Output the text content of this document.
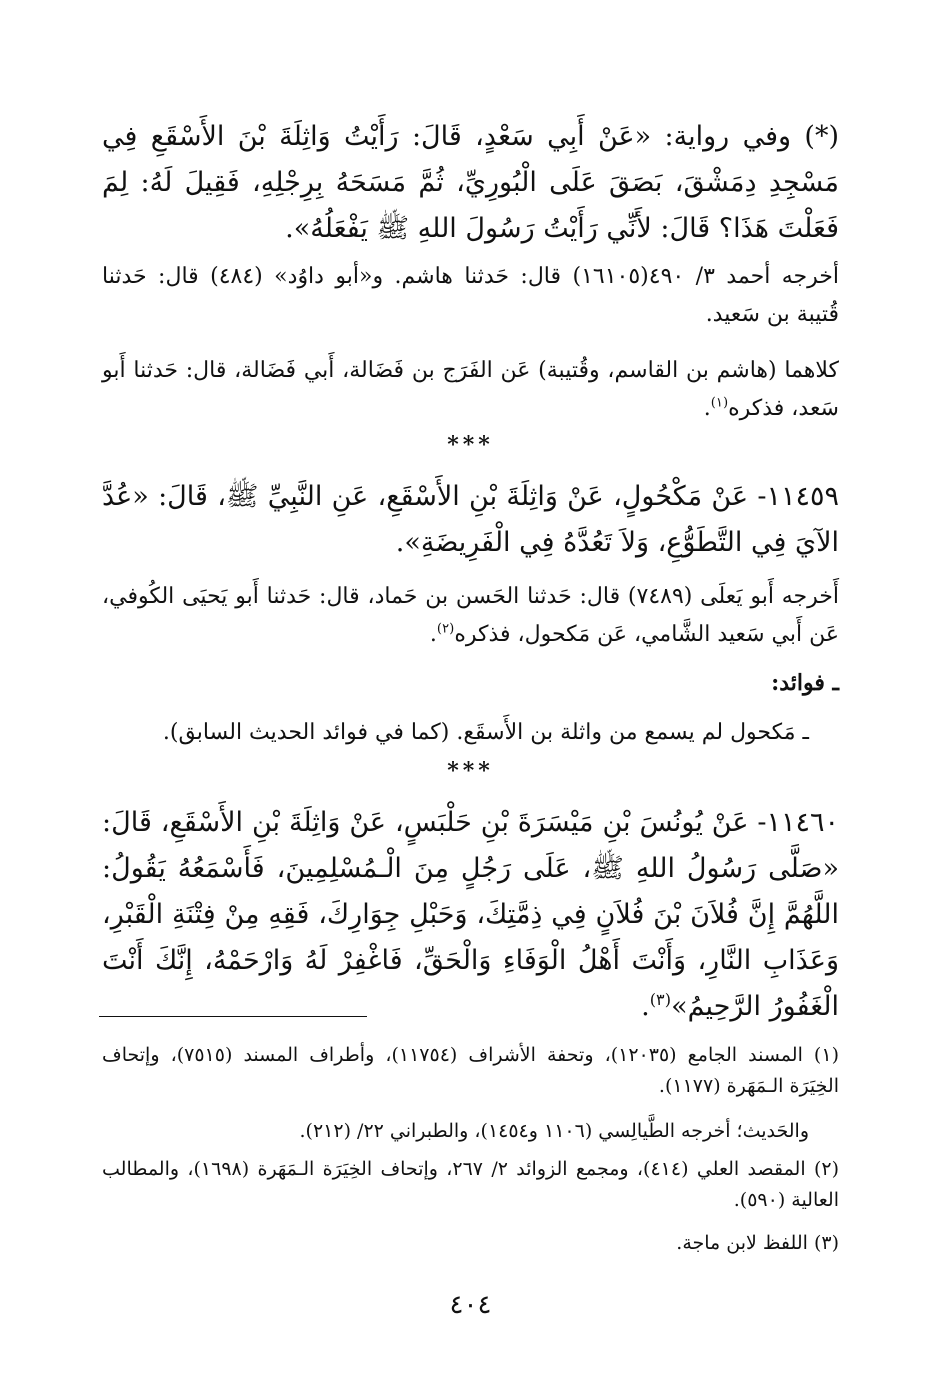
(*) وفي رواية: «عَنْ أَبِي سَعْدٍ، قَالَ: رَأَيْتُ وَاثِلَةَ بْنَ الأَسْقَعِ فِي مَسْجِدِ دِمَشْقَ، بَصَقَ عَلَى الْبُورِيِّ، ثُمَّ مَسَحَهُ بِرِجْلِهِ، فَقِيلَ لَهُ: لِمَ فَعَلْتَ هَذَا؟ قَالَ: لأَنِّي رَأَيْتُ رَسُولَ اللهِ ﷺ يَفْعَلُهُ».

أخرجه أحمد ٣/ ٤٩٠(١٦١٠٥) قال: حَدثنا هاشم. و«أبو داوُد» (٤٨٤) قال: حَدثنا قُتيبة بن سَعيد.

كلاهما (هاشم بن القاسم، وقُتيبة) عَن الفَرَج بن فَضَالة، أَبي فَضَالة، قال: حَدثنا أَبو سَعد، فذكره$^{(١)}$.

***

١١٤٥٩- عَنْ مَكْحُولٍ، عَنْ وَاثِلَةَ بْنِ الأَسْقَعِ، عَنِ النَّبِيِّ ﷺ، قَالَ: «عُدَّ الآيَ فِي التَّطَوُّعِ، وَلاَ تَعُدَّهُ فِي الْفَرِيضَةِ».

أَخرجه أَبو يَعلَى (٧٤٨٩) قال: حَدثنا الحَسن بن حَماد، قال: حَدثنا أَبو يَحيَى الكُوفي، عَن أَبي سَعيد الشَّامي، عَن مَكحول، فذكره$^{(٢)}$.

ـ فوائد:

ـ مَكحول لم يسمع من واثلة بن الأَسقَع. (كما في فوائد الحديث السابق).

***

١١٤٦٠- عَنْ يُونُسَ بْنِ مَيْسَرَةَ بْنِ حَلْبَسٍ، عَنْ وَاثِلَةَ بْنِ الأَسْقَعِ، قَالَ: «صَلَّى رَسُولُ اللهِ ﷺ، عَلَى رَجُلٍ مِنَ الْـمُسْلِمِينَ، فَأَسْمَعُهُ يَقُولُ: اللَّهُمَّ إِنَّ فُلاَنَ بْنَ فُلاَنٍ فِي ذِمَّتِكَ، وَحَبْلِ جِوَارِكَ، فَقِهِ مِنْ فِتْنَةِ الْقَبْرِ، وَعَذَابِ النَّارِ، وَأَنْتَ أَهْلُ الْوَفَاءِ وَالْحَقِّ، فَاغْفِرْ لَهُ وَارْحَمْهُ، إِنَّكَ أَنْتَ الْغَفُورُ الرَّحِيمُ»$^{(٣)}$.

(١) المسند الجامع (١٢٠٣٥)، وتحفة الأشراف (١١٧٥٤)، وأطراف المسند (٧٥١٥)، وإتحاف الخِيَرَة الـمَهَرة (١١٧٧).

والحَديث؛ أخرجه الطَّيالِسي (١١٠٦ و١٤٥٤)، والطبراني ٢٢/ (٢١٢).

(٢) المقصد العلي (٤١٤)، ومجمع الزوائد ٢/ ٢٦٧، وإتحاف الخِيَرَة الـمَهَرة (١٦٩٨)، والمطالب العالية (٥٩٠).

(٣) اللفظ لابن ماجة.

٤٠٤
